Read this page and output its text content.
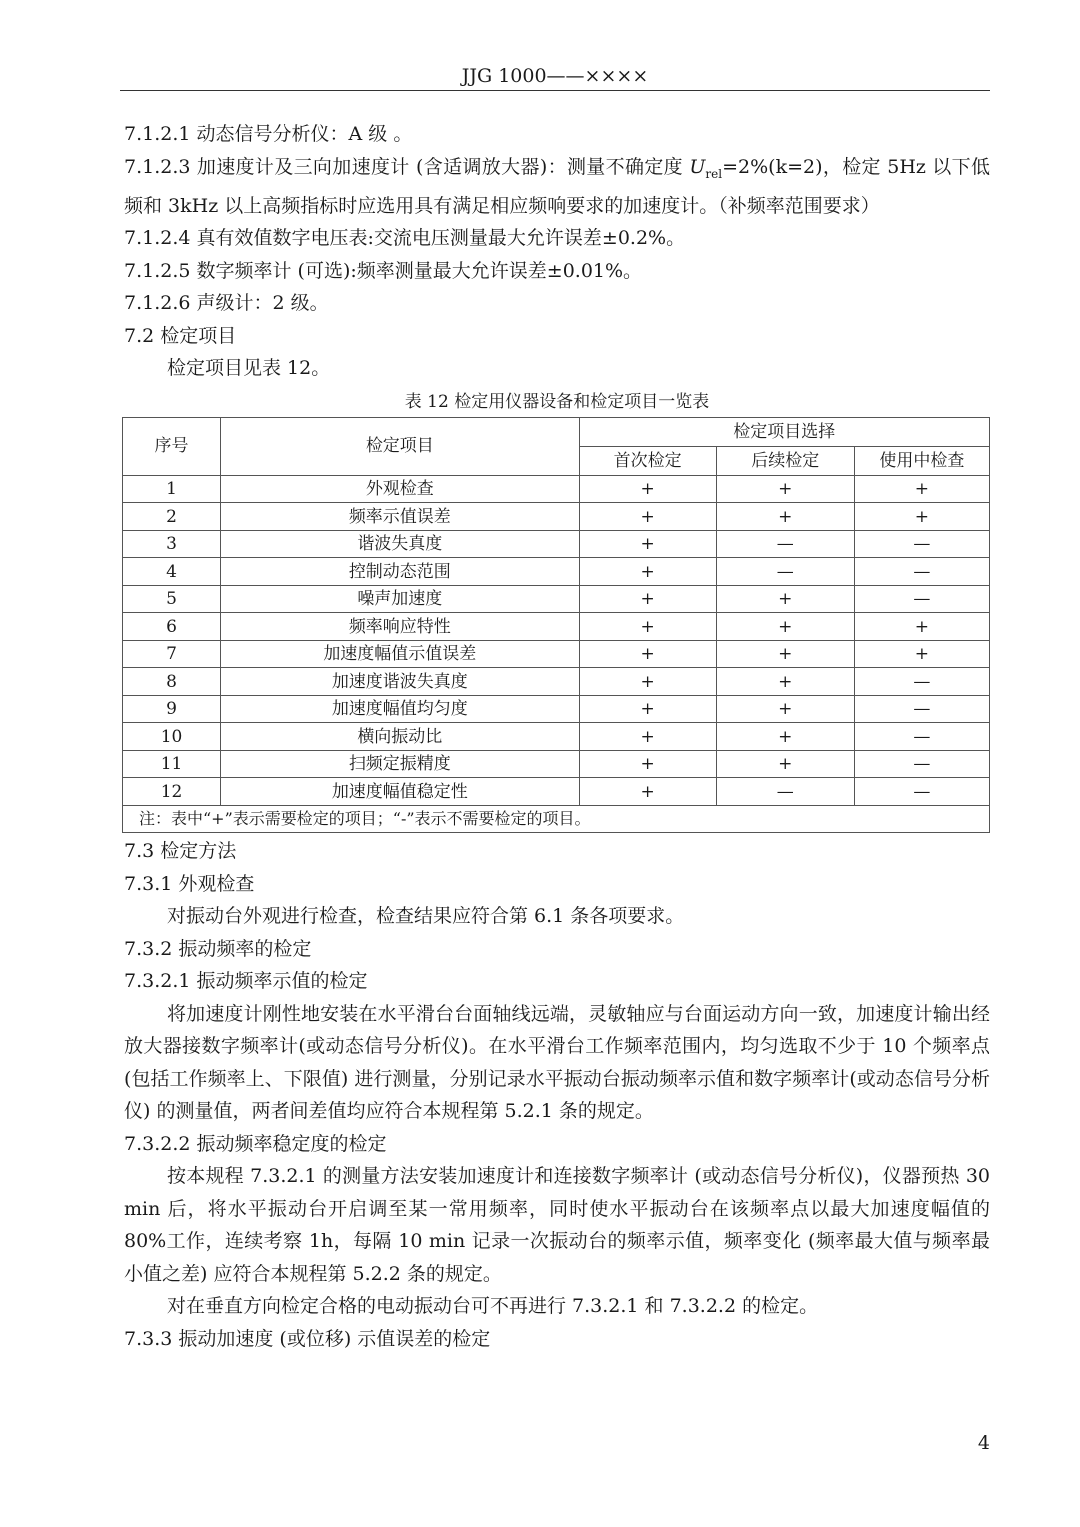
JJG 1000——××××
7.1.2.1 动态信号分析仪：A 级 。
7.1.2.3 加速度计及三向加速度计 (含适调放大器)：测量不确定度 $U_{rel}=2\%(k=2)$，检定 5Hz 以下低频和 3kHz 以上高频指标时应选用具有满足相应频响要求的加速度计。（补频率范围要求）
7.1.2.4 真有效值数字电压表:交流电压测量最大允许误差±0.2%。
7.1.2.5 数字频率计 (可选):频率测量最大允许误差±0.01%。
7.1.2.6 声级计：2 级。
7.2 检定项目
检定项目见表 12。
表 12 检定用仪器设备和检定项目一览表
序号	检定项目	检定项目选择		
		首次检定	后续检定	使用中检查
1	外观检查	+	+	+
2	频率示值误差	+	+	+
3	谐波失真度	+	—	—
4	控制动态范围	+	—	—
5	噪声加速度	+	+	—
6	频率响应特性	+	+	+
7	加速度幅值示值误差	+	+	+
8	加速度谐波失真度	+	+	—
9	加速度幅值均匀度	+	+	—
10	横向振动比	+	+	—
11	扫频定振精度	+	+	—
12	加速度幅值稳定性	+	—	—
注：表中“+”表示需要检定的项目；“-”表示不需要检定的项目。				
7.3 检定方法
7.3.1 外观检查
对振动台外观进行检查，检查结果应符合第 6.1 条各项要求。
7.3.2 振动频率的检定
7.3.2.1 振动频率示值的检定
将加速度计刚性地安装在水平滑台台面轴线远端，灵敏轴应与台面运动方向一致，加速度计输出经放大器接数字频率计(或动态信号分析仪)。在水平滑台工作频率范围内，均匀选取不少于 10 个频率点 (包括工作频率上、下限值) 进行测量，分别记录水平振动台振动频率示值和数字频率计(或动态信号分析仪) 的测量值，两者间差值均应符合本规程第 5.2.1 条的规定。
7.3.2.2 振动频率稳定度的检定
按本规程 7.3.2.1 的测量方法安装加速度计和连接数字频率计 (或动态信号分析仪)，仪器预热 30 min 后，将水平振动台开启调至某一常用频率，同时使水平振动台在该频率点以最大加速度幅值的 80%工作，连续考察 1h，每隔 10 min 记录一次振动台的频率示值，频率变化 (频率最大值与频率最小值之差) 应符合本规程第 5.2.2 条的规定。
对在垂直方向检定合格的电动振动台可不再进行 7.3.2.1 和 7.3.2.2 的检定。
7.3.3 振动加速度 (或位移) 示值误差的检定
4
